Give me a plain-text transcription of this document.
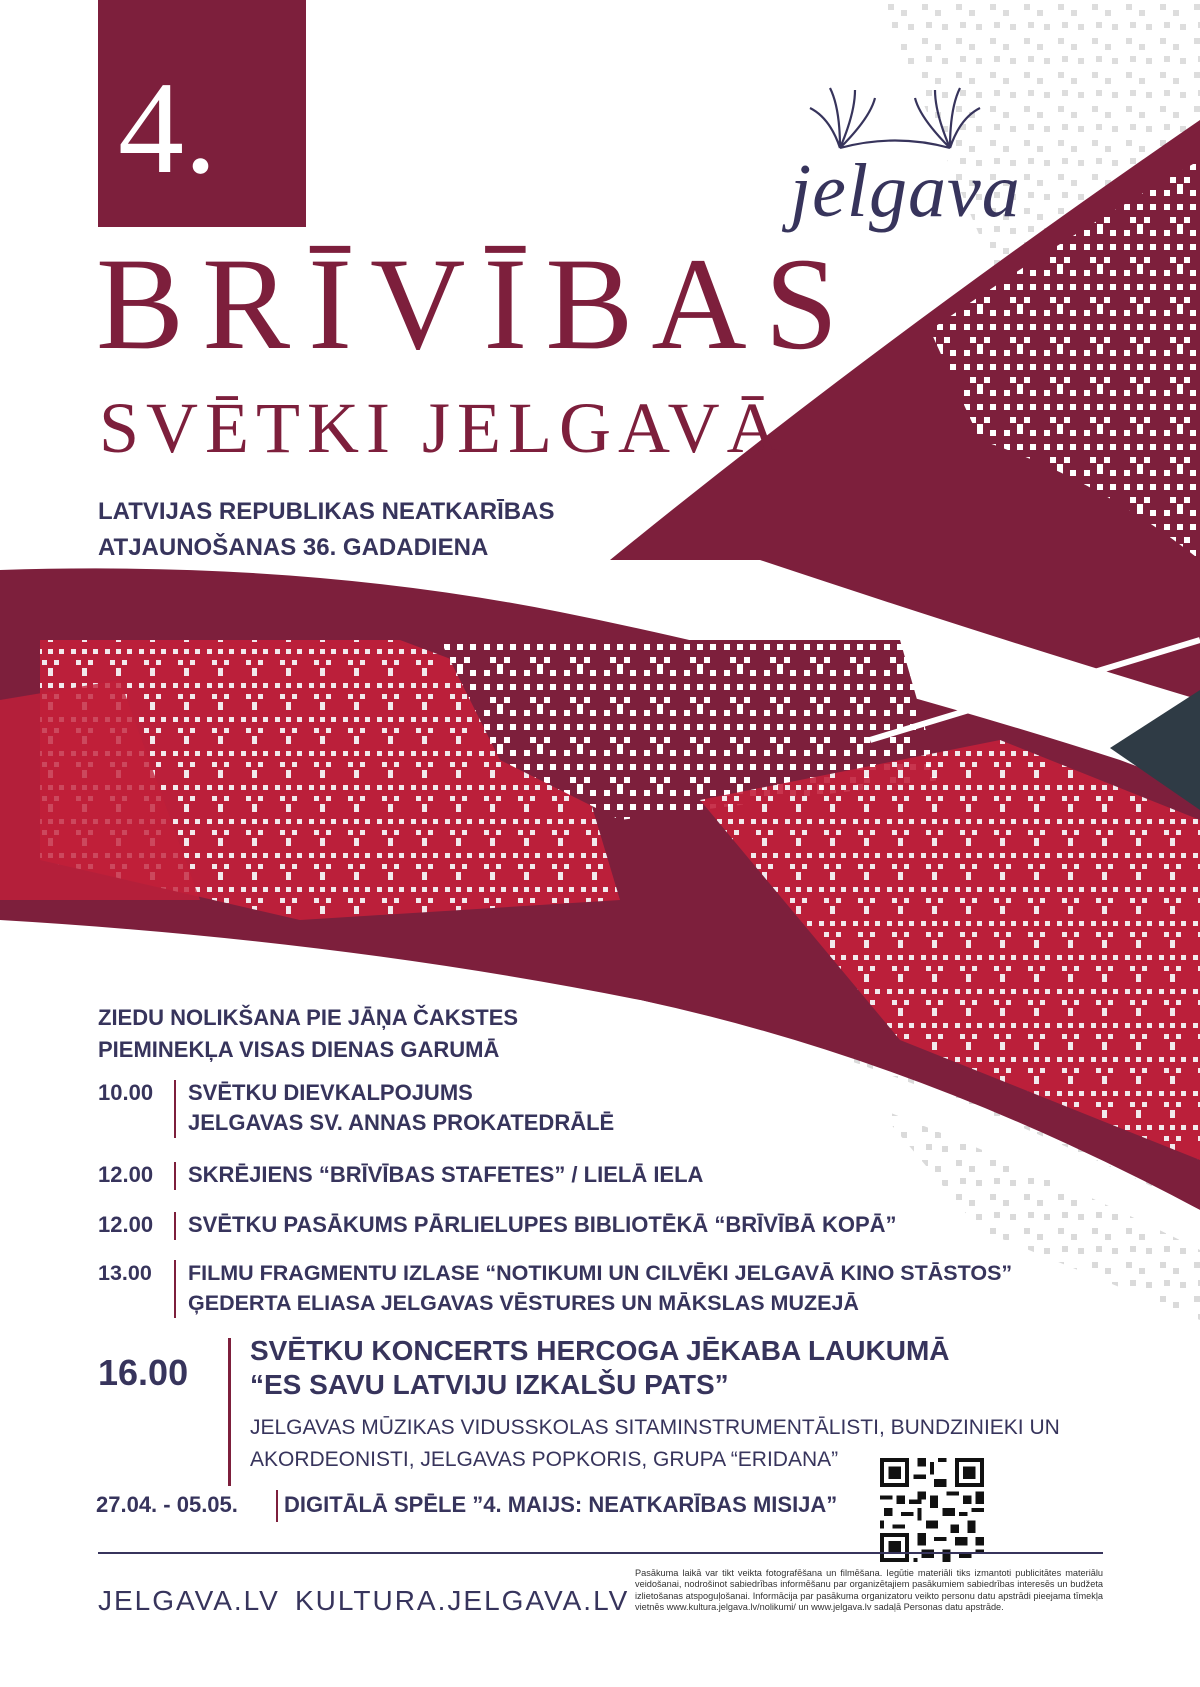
4. maijs	jelgava
BRĪVĪBAS
SVĒTKI JELGAVĀ
LATVIJAS REPUBLIKAS NEATKARĪBAS
ATJAUNOŠANAS 36. GADADIENA
ZIEDU NOLIKŠANA PIE JĀŅA ČAKSTES
PIEMINEKĻA VISAS DIENAS GARUMĀ
10.00	SVĒTKU DIEVKALPOJUMS
JELGAVAS SV. ANNAS PROKATEDRĀLĒ
12.00	SKRĒJIENS “BRĪVĪBAS STAFETES” / LIELĀ IELA
12.00	SVĒTKU PASĀKUMS PĀRLIELUPES BIBLIOTĒKĀ “BRĪVĪBĀ KOPĀ”
13.00	FILMU FRAGMENTU IZLASE “NOTIKUMI UN CILVĒKI JELGAVĀ KINO STĀSTOS”
ĢEDERTA ELIASA JELGAVAS VĒSTURES UN MĀKSLAS MUZEJĀ
16.00
SVĒTKU KONCERTS HERCOGA JĒKABA LAUKUMĀ
“ES SAVU LATVIJU IZKALŠU PATS”
JELGAVAS MŪZIKAS VIDUSSKOLAS SITAMINSTRUMENTĀLISTI, BUNDZINIEKI UN
AKORDEONISTI, JELGAVAS POPKORIS, GRUPA “ERIDANA”
27.04. - 05.05. DIGITĀLĀ SPĒLE ”4. MAIJS: NEATKARĪBAS MISIJA”
JELGAVA.LV KULTURA.JELGAVA.LV
Pasākuma laikā var tikt veikta fotografēšana un filmēšana. Iegūtie materiāli tiks izmantoti publicitātes materiālu veidošanai, nodrošinot sabiedrības informēšanu par organizētajiem pasākumiem sabiedrības interesēs un budžeta izlietošanas atspoguļošanai. Informācija par pasākuma organizatoru veikto personu datu apstrādi pieejama tīmekļa vietnēs www.kultura.jelgava.lv/nolikumi/ un www.jelgava.lv sadaļā Personas datu apstrāde.
